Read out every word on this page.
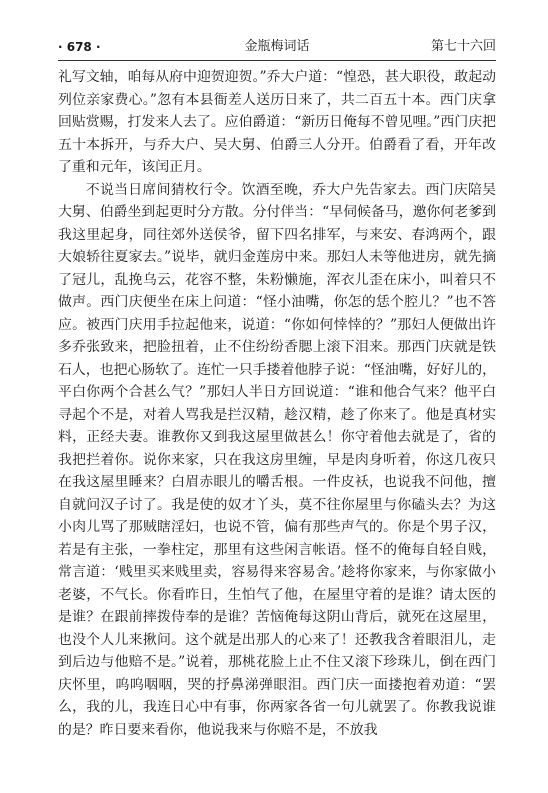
· 678 ·	金瓶梅词话	第七十六回

礼写文轴，咱每从府中迎贺迎贺。”乔大户道：“惶恐，甚大职役，敢起动列位亲家费心。”忽有本县衙差人送历日来了，共二百五十本。西门庆拿回贴赏赐，打发来人去了。应伯爵道：“新历日俺每不曾见哩。”西门庆把五十本拆开，与乔大户、吴大舅、伯爵三人分开。伯爵看了看，开年改了重和元年，该闰正月。

不说当日席间猜枚行令。饮酒至晚，乔大户先告家去。西门庆陪吴大舅、伯爵坐到起更时分方散。分付伴当：“早伺候备马，邀你何老爹到我这里起身，同往郊外送侯爷，留下四名排军，与来安、春鸿两个，跟大娘轿往夏家去。”说毕，就归金莲房中来。那妇人未等他进房，就先摘了冠儿，乱挽乌云，花容不整，朱粉懒施，浑衣儿歪在床小，叫着只不做声。西门庆便坐在床上问道：“怪小油嘴，你怎的恁个腔儿？”也不答应。被西门庆用手拉起他来，说道：“你如何悻悻的？”那妇人便做出许多乔张致来，把脸扭着，止不住纷纷香腮上滚下泪来。那西门庆就是铁石人，也把心肠软了。连忙一只手搂着他脖子说：“怪油嘴，好好儿的，平白你两个合甚么气？”那妇人半日方回说道：“谁和他合气来？他平白寻起个不是，对着人骂我是拦汉精，趁汉精，趁了你来了。他是真材实料，正经夫妻。谁教你又到我这屋里做甚么！你守着他去就是了，省的我把拦着你。说你来家，只在我这房里缠，早是肉身听着，你这几夜只在我这屋里睡来？白眉赤眼儿的嚼舌根。一件皮袄，也说我不问他，擅自就问汉子讨了。我是使的奴才丫头，莫不往你屋里与你磕头去？为这小肉儿骂了那贼瞎淫妇，也说不管，偏有那些声气的。你是个男子汉，若是有主张，一拳柱定，那里有这些闲言帐语。怪不的俺每自轻自贱，常言道：‘贱里买来贱里卖，容易得来容易舍。’趁将你家来，与你家做小老婆，不气长。你看昨日，生怕气了他，在屋里守着的是谁？请太医的是谁？在跟前摔拨侍奉的是谁？苦恼俺每这阴山背后，就死在这屋里，也没个人儿来揪问。这个就是出那人的心来了！还教我含着眼泪儿，走到后边与他赔不是。”说着，那桃花脸上止不住又滚下珍珠儿，倒在西门庆怀里，呜呜咽咽，哭的抒鼻涕弹眼泪。西门庆一面搂抱着劝道：“罢么，我的儿，我连日心中有事，你两家各省一句儿就罢了。你教我说谁的是？昨日要来看你，他说我来与你赔不是，不放我
